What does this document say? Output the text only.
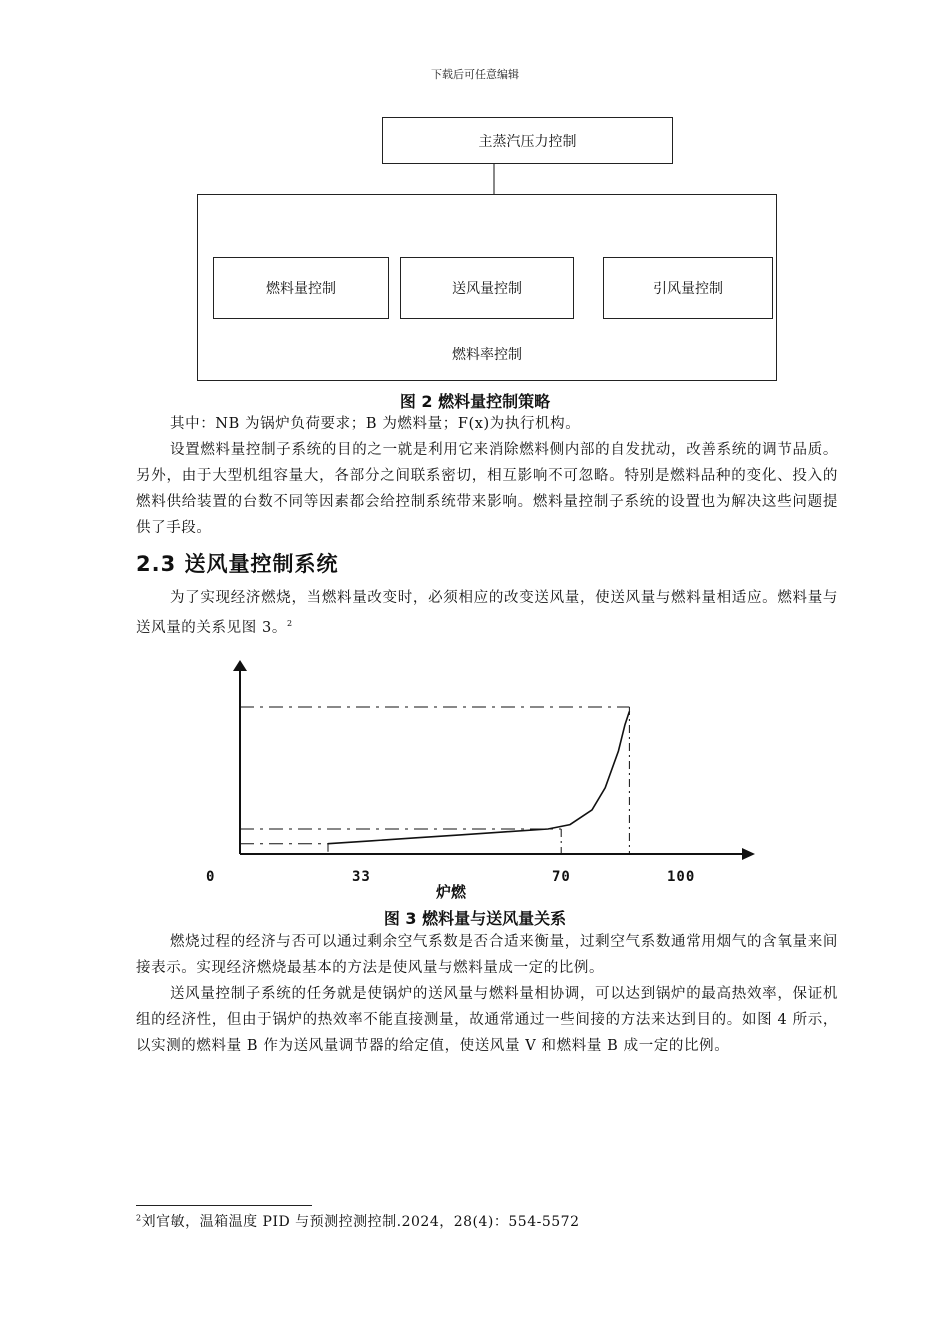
下载后可任意编辑
主蒸汽压力控制
燃料率控制
燃料量控制	送风量控制	引风量控制
图 2 燃料量控制策略
其中：NB 为锅炉负荷要求；B 为燃料量；F(x)为执行机构。
设置燃料量控制子系统的目的之一就是利用它来消除燃料侧内部的自发扰动，改善系统的调节品质。另外，由于大型机组容量大，各部分之间联系密切，相互影响不可忽略。特别是燃料品种的变化、投入的燃料供给装置的台数不同等因素都会给控制系统带来影响。燃料量控制子系统的设置也为解决这些问题提供了手段。
2.3 送风量控制系统
为了实现经济燃烧，当燃料量改变时，必须相应的改变送风量，使送风量与燃料量相适应。燃料量与送风量的关系见图 3。$^2$
0	33	70	100
炉燃
图 3 燃料量与送风量关系
燃烧过程的经济与否可以通过剩余空气系数是否合适来衡量，过剩空气系数通常用烟气的含氧量来间接表示。实现经济燃烧最基本的方法是使风量与燃料量成一定的比例。
送风量控制子系统的任务就是使锅炉的送风量与燃料量相协调，可以达到锅炉的最高热效率，保证机组的经济性，但由于锅炉的热效率不能直接测量，故通常通过一些间接的方法来达到目的。如图 4 所示，以实测的燃料量 B 作为送风量调节器的给定值，使送风量 V 和燃料量 B 成一定的比例。
$^2$刘官敏，温箱温度 PID 与预测控测控制.2024，28(4)：554-5572
